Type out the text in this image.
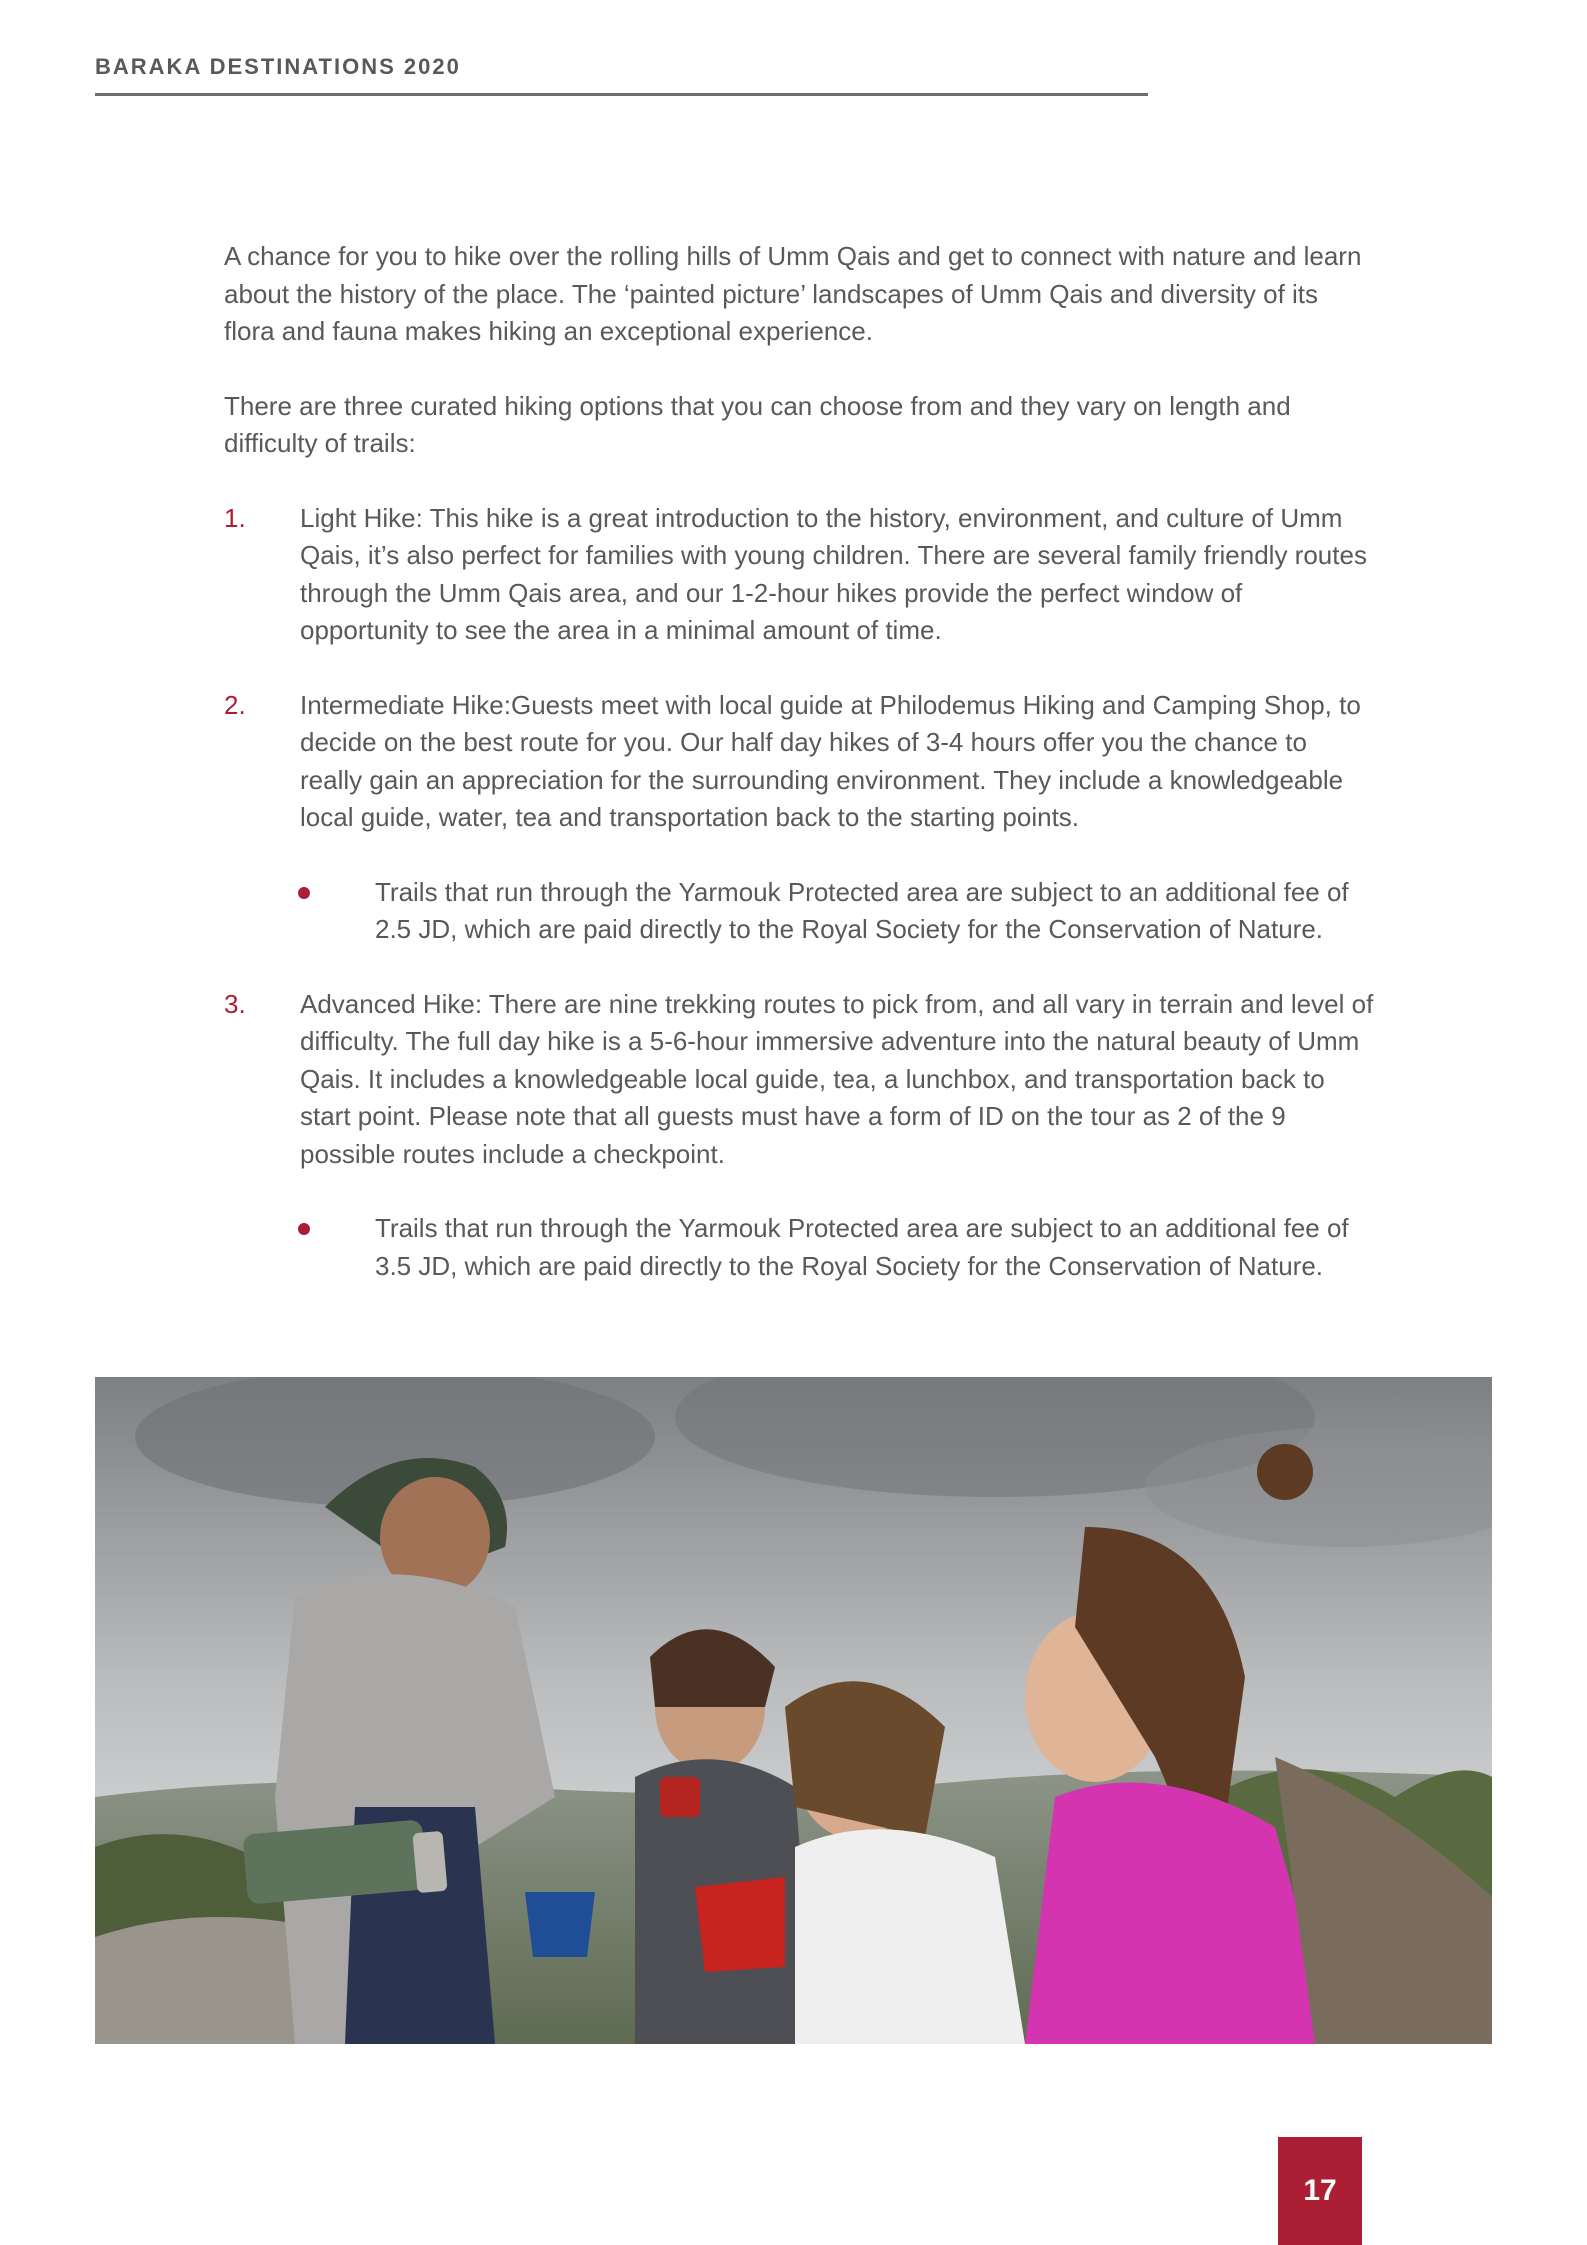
BARAKA DESTINATIONS 2020

A chance for you to hike over the rolling hills of Umm Qais and get to connect with nature and learn about the history of the place. The ‘painted picture’ landscapes of Umm Qais and diversity of its flora and fauna makes hiking an exceptional experience.

There are three curated hiking options that you can choose from and they vary on length and difficulty of trails:

1. Light Hike: This hike is a great introduction to the history, environment, and culture of Umm Qais, it’s also perfect for families with young children. There are several family friendly routes through the Umm Qais area, and our 1-2-hour hikes provide the perfect window of opportunity to see the area in a minimal amount of time.

2. Intermediate Hike:Guests meet with local guide at Philodemus Hiking and Camping Shop, to decide on the best route for you. Our half day hikes of 3-4 hours offer you the chance to really gain an appreciation for the surrounding environment. They include a knowledgeable local guide, water, tea and transportation back to the starting points.

Trails that run through the Yarmouk Protected area are subject to an additional fee of 2.5 JD, which are paid directly to the Royal Society for the Conservation of Nature.

3. Advanced Hike: There are nine trekking routes to pick from, and all vary in terrain and level of difficulty. The full day hike is a 5-6-hour immersive adventure into the natural beauty of Umm Qais. It includes a knowledgeable local guide, tea, a lunchbox, and transportation back to start point. Please note that all guests must have a form of ID on the tour as 2 of the 9 possible routes include a checkpoint.

Trails that run through the Yarmouk Protected area are subject to an additional fee of 3.5 JD, which are paid directly to the Royal Society for the Conservation of Nature.

17
